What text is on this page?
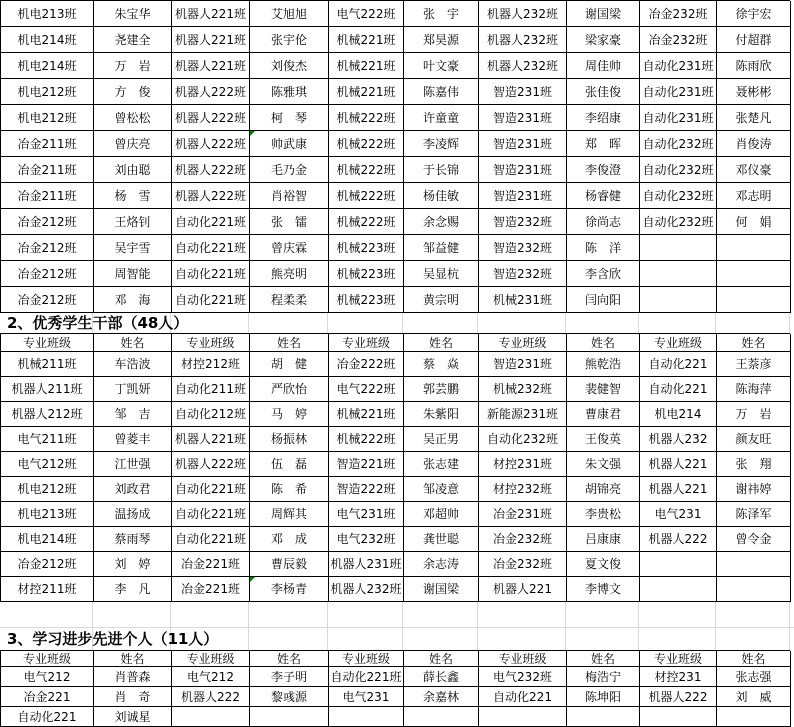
机电213班	朱宝华 机器人221班 艾旭旭 电气222班 张　宇 机器人232班 谢国梁 冶金232班 徐宇宏
机电214班	尧建全 机器人221班 张宇伦 机械221班 郑昊源 机器人232班 梁家豪 冶金232班 付超群
机电214班	万　岩 机器人221班 刘俊杰 机械221班 叶文豪 机器人232班 周佳帅 自动化231班 陈雨欣
机电212班	方　俊 机器人222班 陈雅琪 机械221班 陈嘉伟	智造231班	张佳俊 自动化231班 聂彬彬
机电212班	曾松松 机器人222班 柯　琴 机械222班 许童童	智造231班	李绍康 自动化231班 张楚凡
冶金211班	曾庆亮 机器人222班 帅武康 机械222班 李凌辉	智造231班	郑　晖 自动化232班 肖俊涛
冶金211班	刘由聪 机器人222班 毛乃金 机械222班 于长锦	智造231班	李俊澄 自动化232班 邓仪豪
冶金211班	杨　雪 机器人222班 肖裕智 机械222班 杨佳敏	智造231班	杨睿健 自动化232班 邓志明
冶金212班	王烙钊 自动化221班 张　镭 机械222班 余念赐	智造232班	徐尚志 自动化232班 何　娟
冶金212班	吴宇雪 自动化221班 曾庆霖 机械223班 邹益健	智造232班	陈　洋
冶金212班	周智能 自动化221班 熊亮明 机械223班 吴显杭	智造232班	李含欣
冶金212班	邓　海 自动化221班 程柔柔 机械223班 黄宗明	机械231班	闫向阳
2、优秀学生干部（48人）
专业班级	姓名	专业班级	姓名	专业班级	姓名	专业班级	姓名	专业班级	姓名
机械211班	车浩波	材控212班	胡　健 冶金222班 蔡　焱	智造231班	熊乾浩 自动化221 王萘彦
机器人211班	丁凯妍 自动化211班 严欣怡 电气222班 郭芸鹏	机械232班	裴健智 自动化221 陈海萍
机器人212班	邹　吉 自动化212班 马　婷 机械221班 朱紫阳 新能源231班 曹康君	机电214	万　岩
电气211班	曾菱丰 机器人221班 杨振林 机械222班 吴正男 自动化232班 王俊英 机器人232 颜友旺
电气212班	江世强 机器人222班 伍　磊 智造221班 张志建	材控231班	朱文强 机器人221 张　翔
机电212班	刘政君 自动化221班 陈　希 智造222班 邹凌意	材控232班	胡锦亮 机器人221 谢祎婷
机电213班	温扬成 自动化221班 周辉其 电气231班 邓超帅	冶金231班	李贵松	电气231	陈泽军
机电214班	蔡雨琴 自动化221班 邓　成 电气232班 龚世聪	冶金232班	吕康康 机器人222 曾令金
冶金212班	刘　婷	冶金221班	曹辰毅 机器人231班 余志涛	冶金232班	夏文俊
材控211班	李　凡	冶金221班	李杨青 机器人232班 谢国梁	机器人221	李博文
3、学习进步先进个人（11人）
专业班级	姓名	专业班级	姓名	专业班级	姓名	专业班级	姓名	专业班级	姓名
电气212	肖普森	电气212	李子明 自动化221班 薛长鑫	电气232班	梅浩宁	材控231	张志强
冶金221	肖　奇	机器人222	黎彧源	电气231	余嘉林	自动化221	陈坤阳 机器人222 刘　威
自动化221	刘诚星
